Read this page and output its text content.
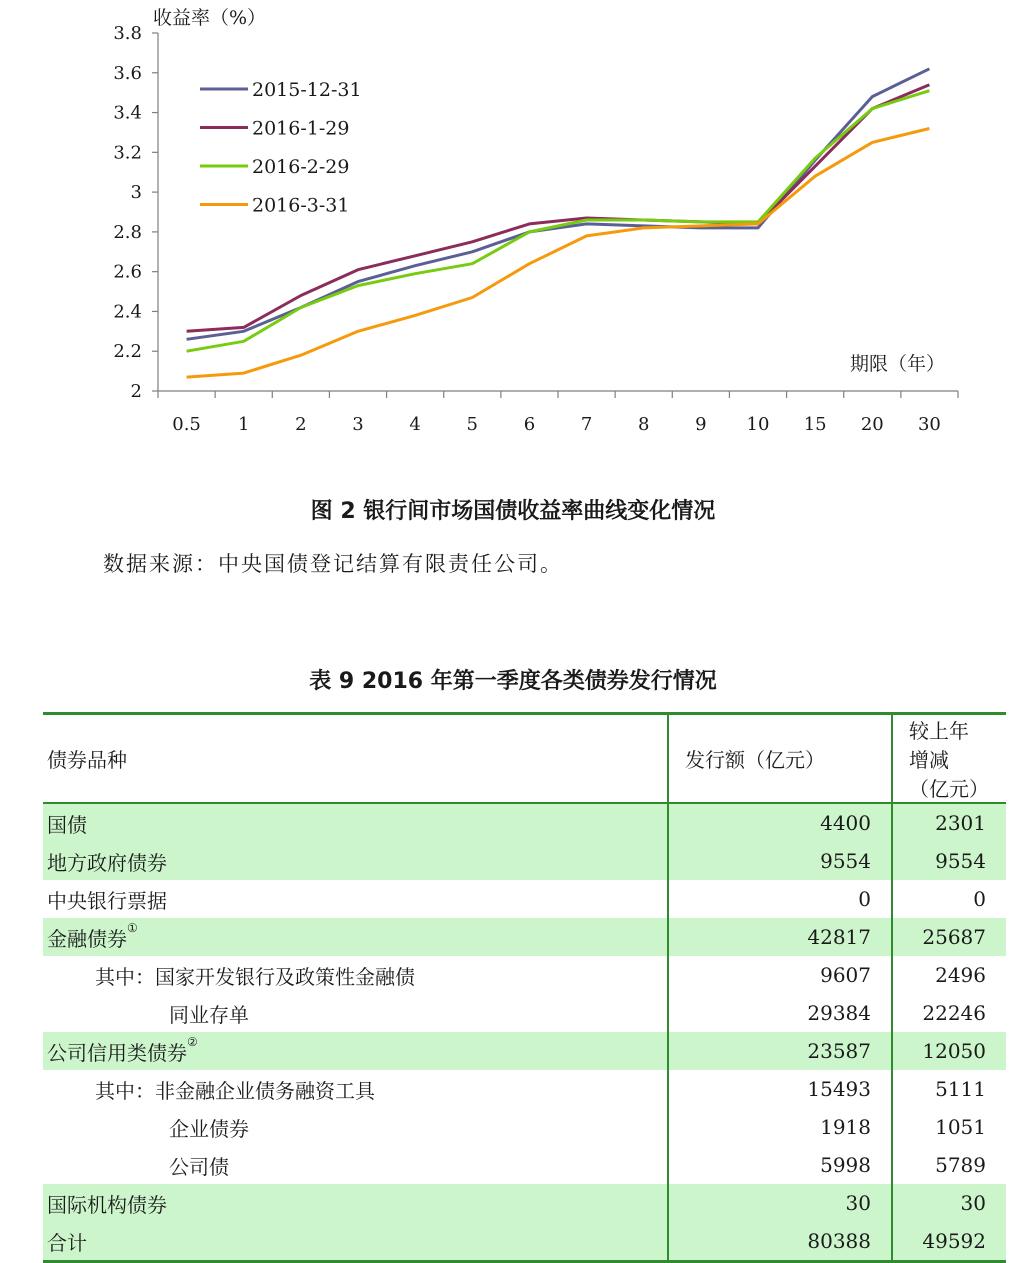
收益率（%）
期限（年）
2
2.2
2.4
2.6
2.8
3
3.2
3.4
3.6
3.8
0.5 1	2	3	4	5	6	7	8	9 10 15 20 30
2015-12-31
2016-1-29
2016-2-29
2016-3-31
图 2 银行间市场国债收益率曲线变化情况
数据来源：中央国债登记结算有限责任公司。
表 9 2016 年第一季度各类债券发行情况
债券品种	发行额（亿元）	较上年增减（亿元）
国债	4400	2301
地方政府债券	9554	9554
中央银行票据	0	0
金融债券①	42817	25687
其中：国家开发银行及政策性金融债	9607	2496
同业存单	29384	22246
公司信用类债券②	23587	12050
其中：非金融企业债务融资工具	15493	5111
企业债券	1918	1051
公司债	5998	5789
国际机构债券	30	30
合计	80388	49592
